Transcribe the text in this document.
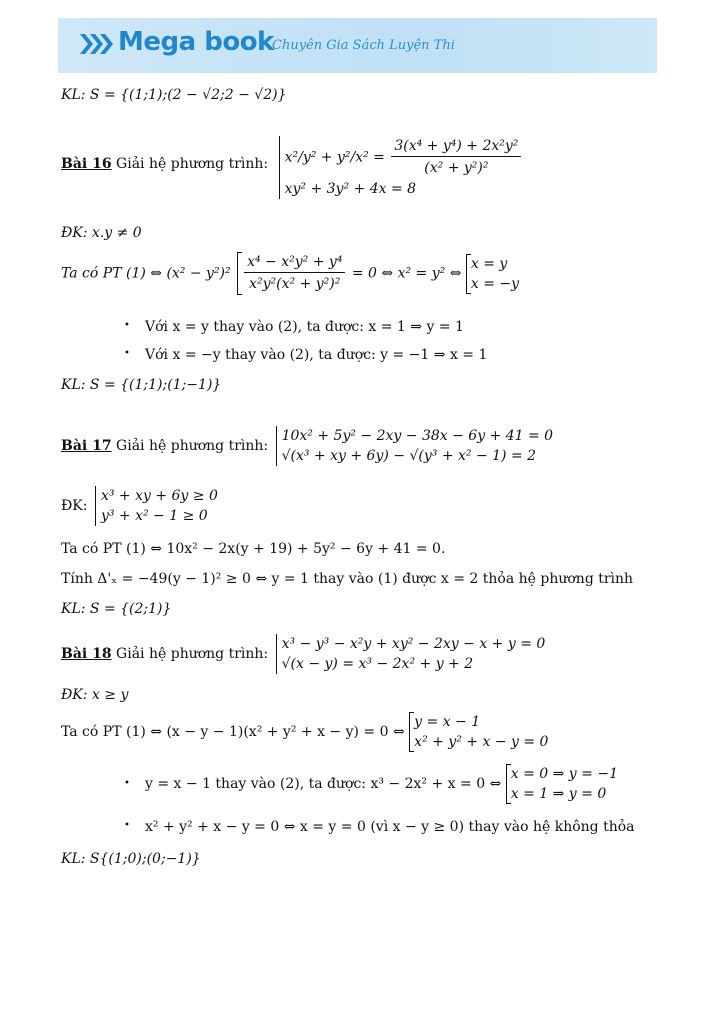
Mega book
Chuyên Gia Sách Luyện Thi
KL: S = {(1;1);(2 − √2;2 − √2)}
Bài 16 Giải hệ phương trình: $x^2/y^2 + y^2/x^2 = \frac{\text{3(x⁴ + y⁴) + 2x²y²}}{\text{(x² + y²)²}}$
xy² + 3y² + 4x = 8
ĐK: x.y ≠ 0
Ta có PT (1) ⇔ $(x^2 - y^2)^2 \frac{\text{x⁴ − x²y² + y⁴}}{\text{x²y²(x² + y²)²}} = 0$ ⇔ x² = y² ⇔
x = y
x = −y
• Với x = y thay vào (2), ta được: x = 1 ⇒ y = 1
• Với x = −y thay vào (2), ta được: y = −1 ⇒ x = 1
KL: S = {(1;1);(1;−1)}
Bài 17 Giải hệ phương trình:
10x² + 5y² − 2xy − 38x − 6y + 41 = 0
√(x³ + xy + 6y) − √(y³ + x² − 1) = 2
ĐK:
x³ + xy + 6y ≥ 0
y³ + x² − 1 ≥ 0
Ta có PT (1) ⇔ 10x² − 2x(y + 19) + 5y² − 6y + 41 = 0.
Tính Δ'ₓ = −49(y − 1)² ≥ 0 ⇔ y = 1 thay vào (1) được x = 2 thỏa hệ phương trình
KL: S = {(2;1)}
Bài 18 Giải hệ phương trình:
x³ − y³ − x²y + xy² − 2xy − x + y = 0
√(x − y) = x³ − 2x² + y + 2
ĐK: x ≥ y
Ta có PT (1) ⇔ (x − y − 1)(x² + y² + x − y) = 0 ⇔
y = x − 1
x² + y² + x − y = 0
• y = x − 1 thay vào (2), ta được: x³ − 2x² + x = 0 ⇔
x = 0 ⇒ y = −1
x = 1 ⇒ y = 0
• x² + y² + x − y = 0 ⇔ x = y = 0 (vì x − y ≥ 0) thay vào hệ không thỏa
KL: S{(1;0);(0;−1)}
